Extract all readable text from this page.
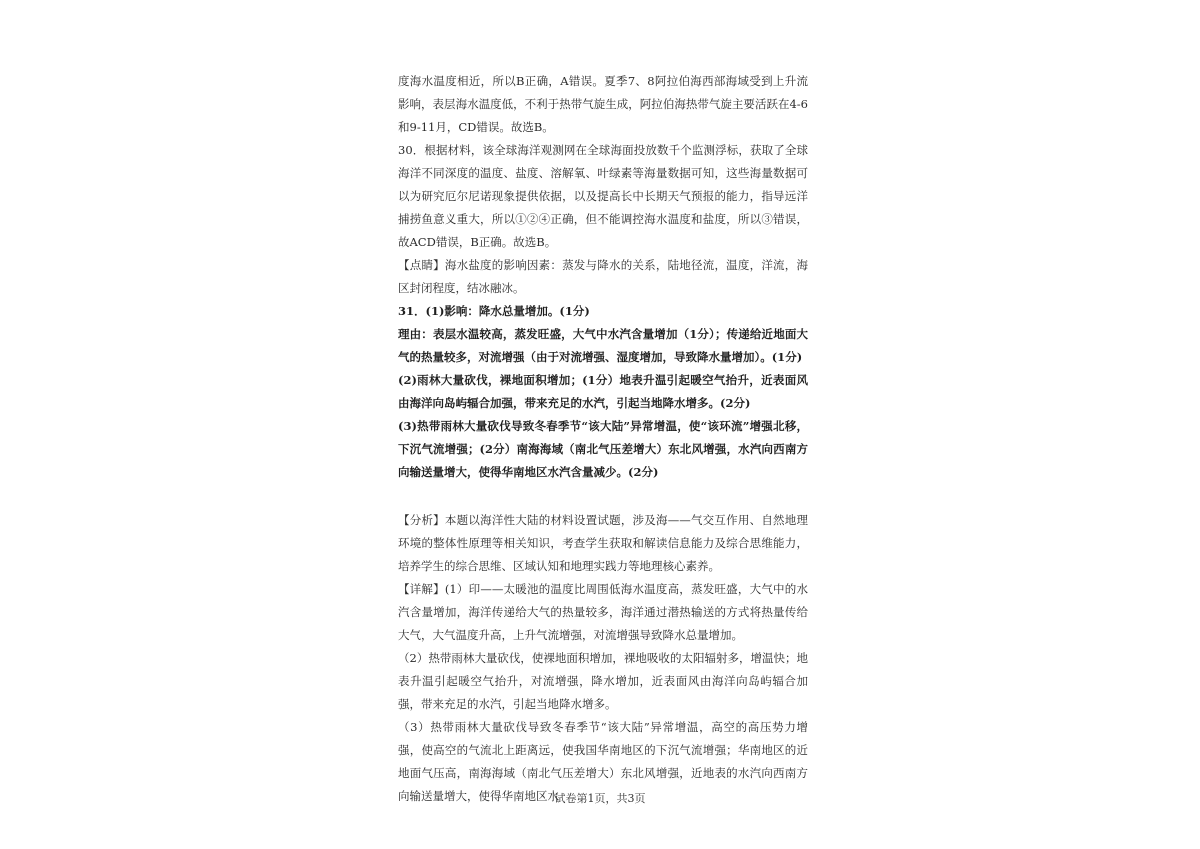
度海水温度相近，所以B正确，A错误。夏季7、8阿拉伯海西部海域受到上升流影响，表层海水温度低，不利于热带气旋生成，阿拉伯海热带气旋主要活跃在4-6和9-11月，CD错误。故选B。

30．根据材料，该全球海洋观测网在全球海面投放数千个监测浮标，获取了全球海洋不同深度的温度、盐度、溶解氧、叶绿素等海量数据可知，这些海量数据可以为研究厄尔尼诺现象提供依据，以及提高长中长期天气预报的能力，指导远洋捕捞鱼意义重大，所以①②④正确，但不能调控海水温度和盐度，所以③错误，故ACD错误，B正确。故选B。

【点睛】海水盐度的影响因素：蒸发与降水的关系，陆地径流，温度，洋流，海区封闭程度，结冰融冰。

31．(1)影响：降水总量增加。(1分)

理由：表层水温较高，蒸发旺盛，大气中水汽含量增加（1分）；传递给近地面大气的热量较多，对流增强（由于对流增强、湿度增加，导致降水量增加）。(1分)

(2)雨林大量砍伐，裸地面积增加；(1分）地表升温引起暖空气抬升，近表面风由海洋向岛屿辐合加强，带来充足的水汽，引起当地降水增多。(2分)

(3)热带雨林大量砍伐导致冬春季节“该大陆”异常增温，使“该环流”增强北移，下沉气流增强；(2分）南海海域（南北气压差增大）东北风增强，水汽向西南方向输送量增大，使得华南地区水汽含量减少。(2分)

【分析】本题以海洋性大陆的材料设置试题，涉及海——气交互作用、自然地理环境的整体性原理等相关知识，考查学生获取和解读信息能力及综合思维能力，培养学生的综合思维、区域认知和地理实践力等地理核心素养。

【详解】(1）印——太暖池的温度比周围低海水温度高，蒸发旺盛，大气中的水汽含量增加，海洋传递给大气的热量较多，海洋通过潜热输送的方式将热量传给大气，大气温度升高，上升气流增强，对流增强导致降水总量增加。

（2）热带雨林大量砍伐，使裸地面积增加，裸地吸收的太阳辐射多，增温快；地表升温引起暖空气抬升，对流增强，降水增加，近表面风由海洋向岛屿辐合加强，带来充足的水汽，引起当地降水增多。

（3）热带雨林大量砍伐导致冬春季节“该大陆”异常增温，高空的高压势力增强，使高空的气流北上距离远，使我国华南地区的下沉气流增强；华南地区的近地面气压高，南海海域（南北气压差增大）东北风增强，近地表的水汽向西南方向输送量增大，使得华南地区水

试卷第1页，共3页
